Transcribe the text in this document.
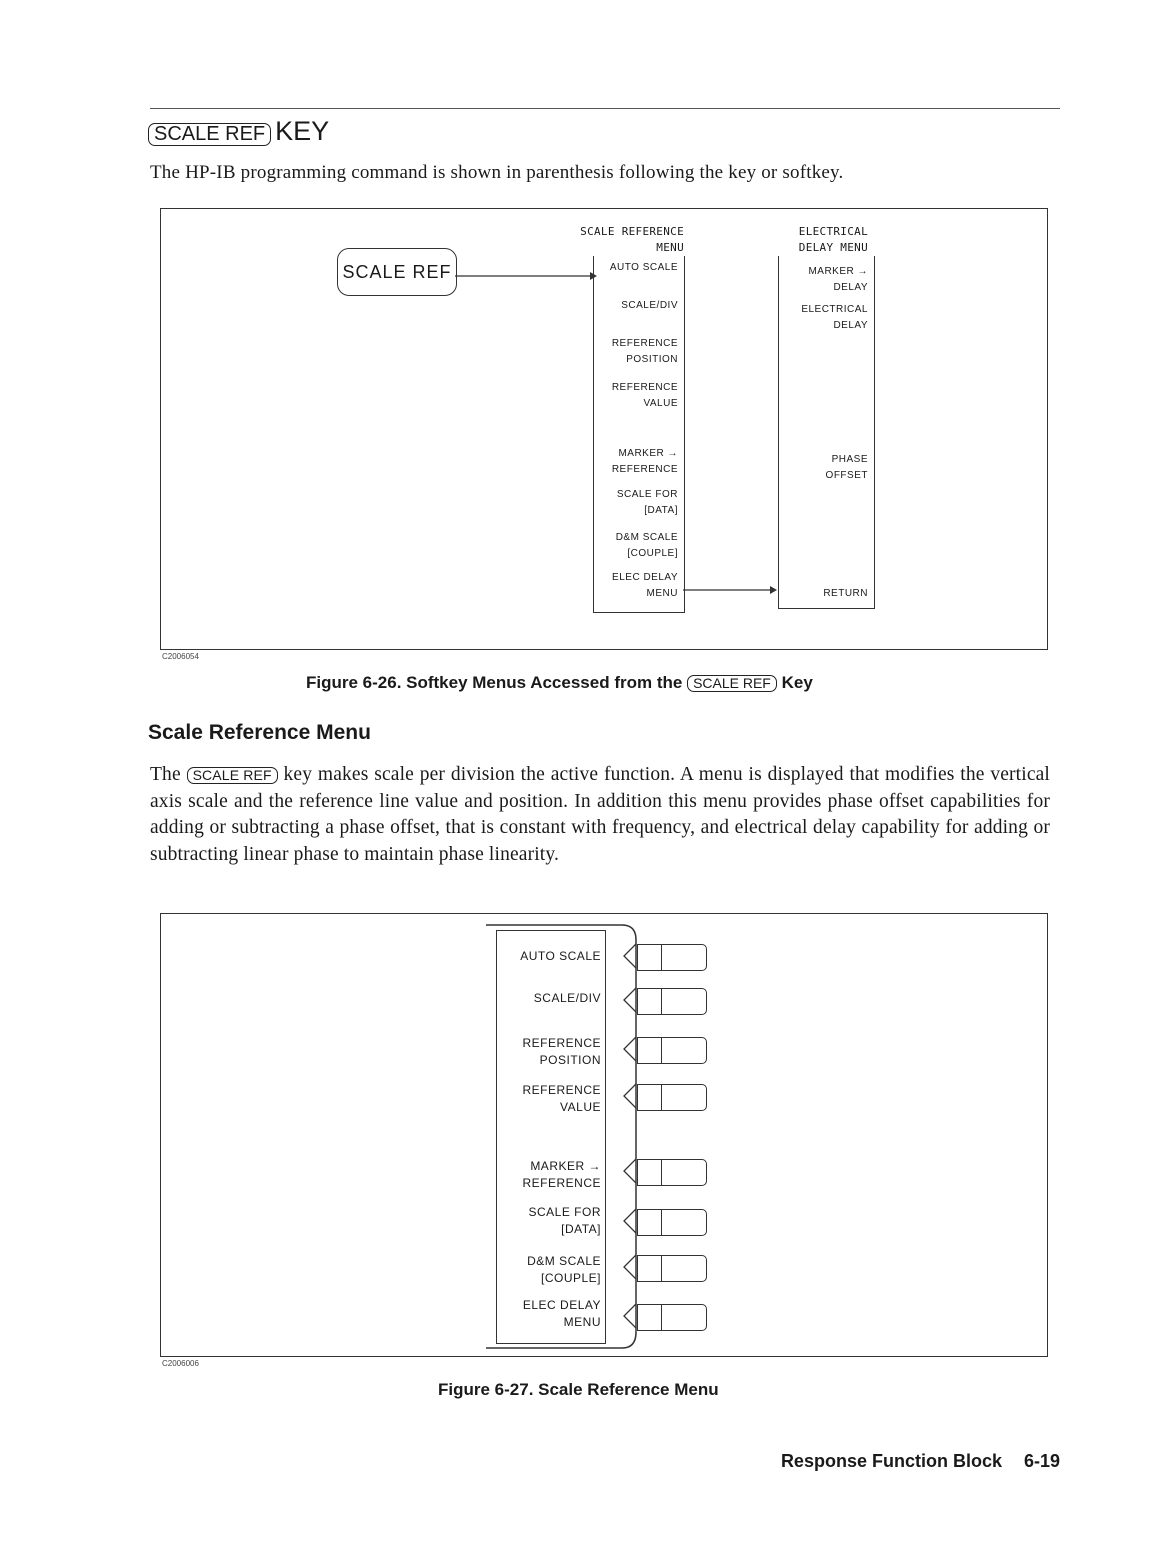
SCALE REF KEY
The HP-IB programming command is shown in parenthesis following the key or softkey.
SCALE REF
SCALE REFERENCE
MENU
AUTO SCALE
SCALE/DIV
REFERENCE
POSITION
REFERENCE
VALUE
MARKER →
REFERENCE
SCALE FOR
[DATA]
D&M SCALE
[COUPLE]
ELEC DELAY
MENU
ELECTRICAL
DELAY MENU
MARKER →
DELAY
ELECTRICAL
DELAY
PHASE
OFFSET
RETURN
C2006054
Figure 6-26. Softkey Menus Accessed from the SCALE REF Key
Scale Reference Menu
The SCALE REF key makes scale per division the active function. A menu is displayed that modifies the vertical axis scale and the reference line value and position. In addition this menu provides phase offset capabilities for adding or subtracting a phase offset, that is constant with frequency, and electrical delay capability for adding or subtracting linear phase to maintain phase linearity.
AUTO SCALE
SCALE/DIV
REFERENCE
POSITION
REFERENCE
VALUE
MARKER →
REFERENCE
SCALE FOR
[DATA]
D&M SCALE
[COUPLE]
ELEC DELAY
MENU
C2006006
Figure 6-27. Scale Reference Menu
Response Function Block 6-19
